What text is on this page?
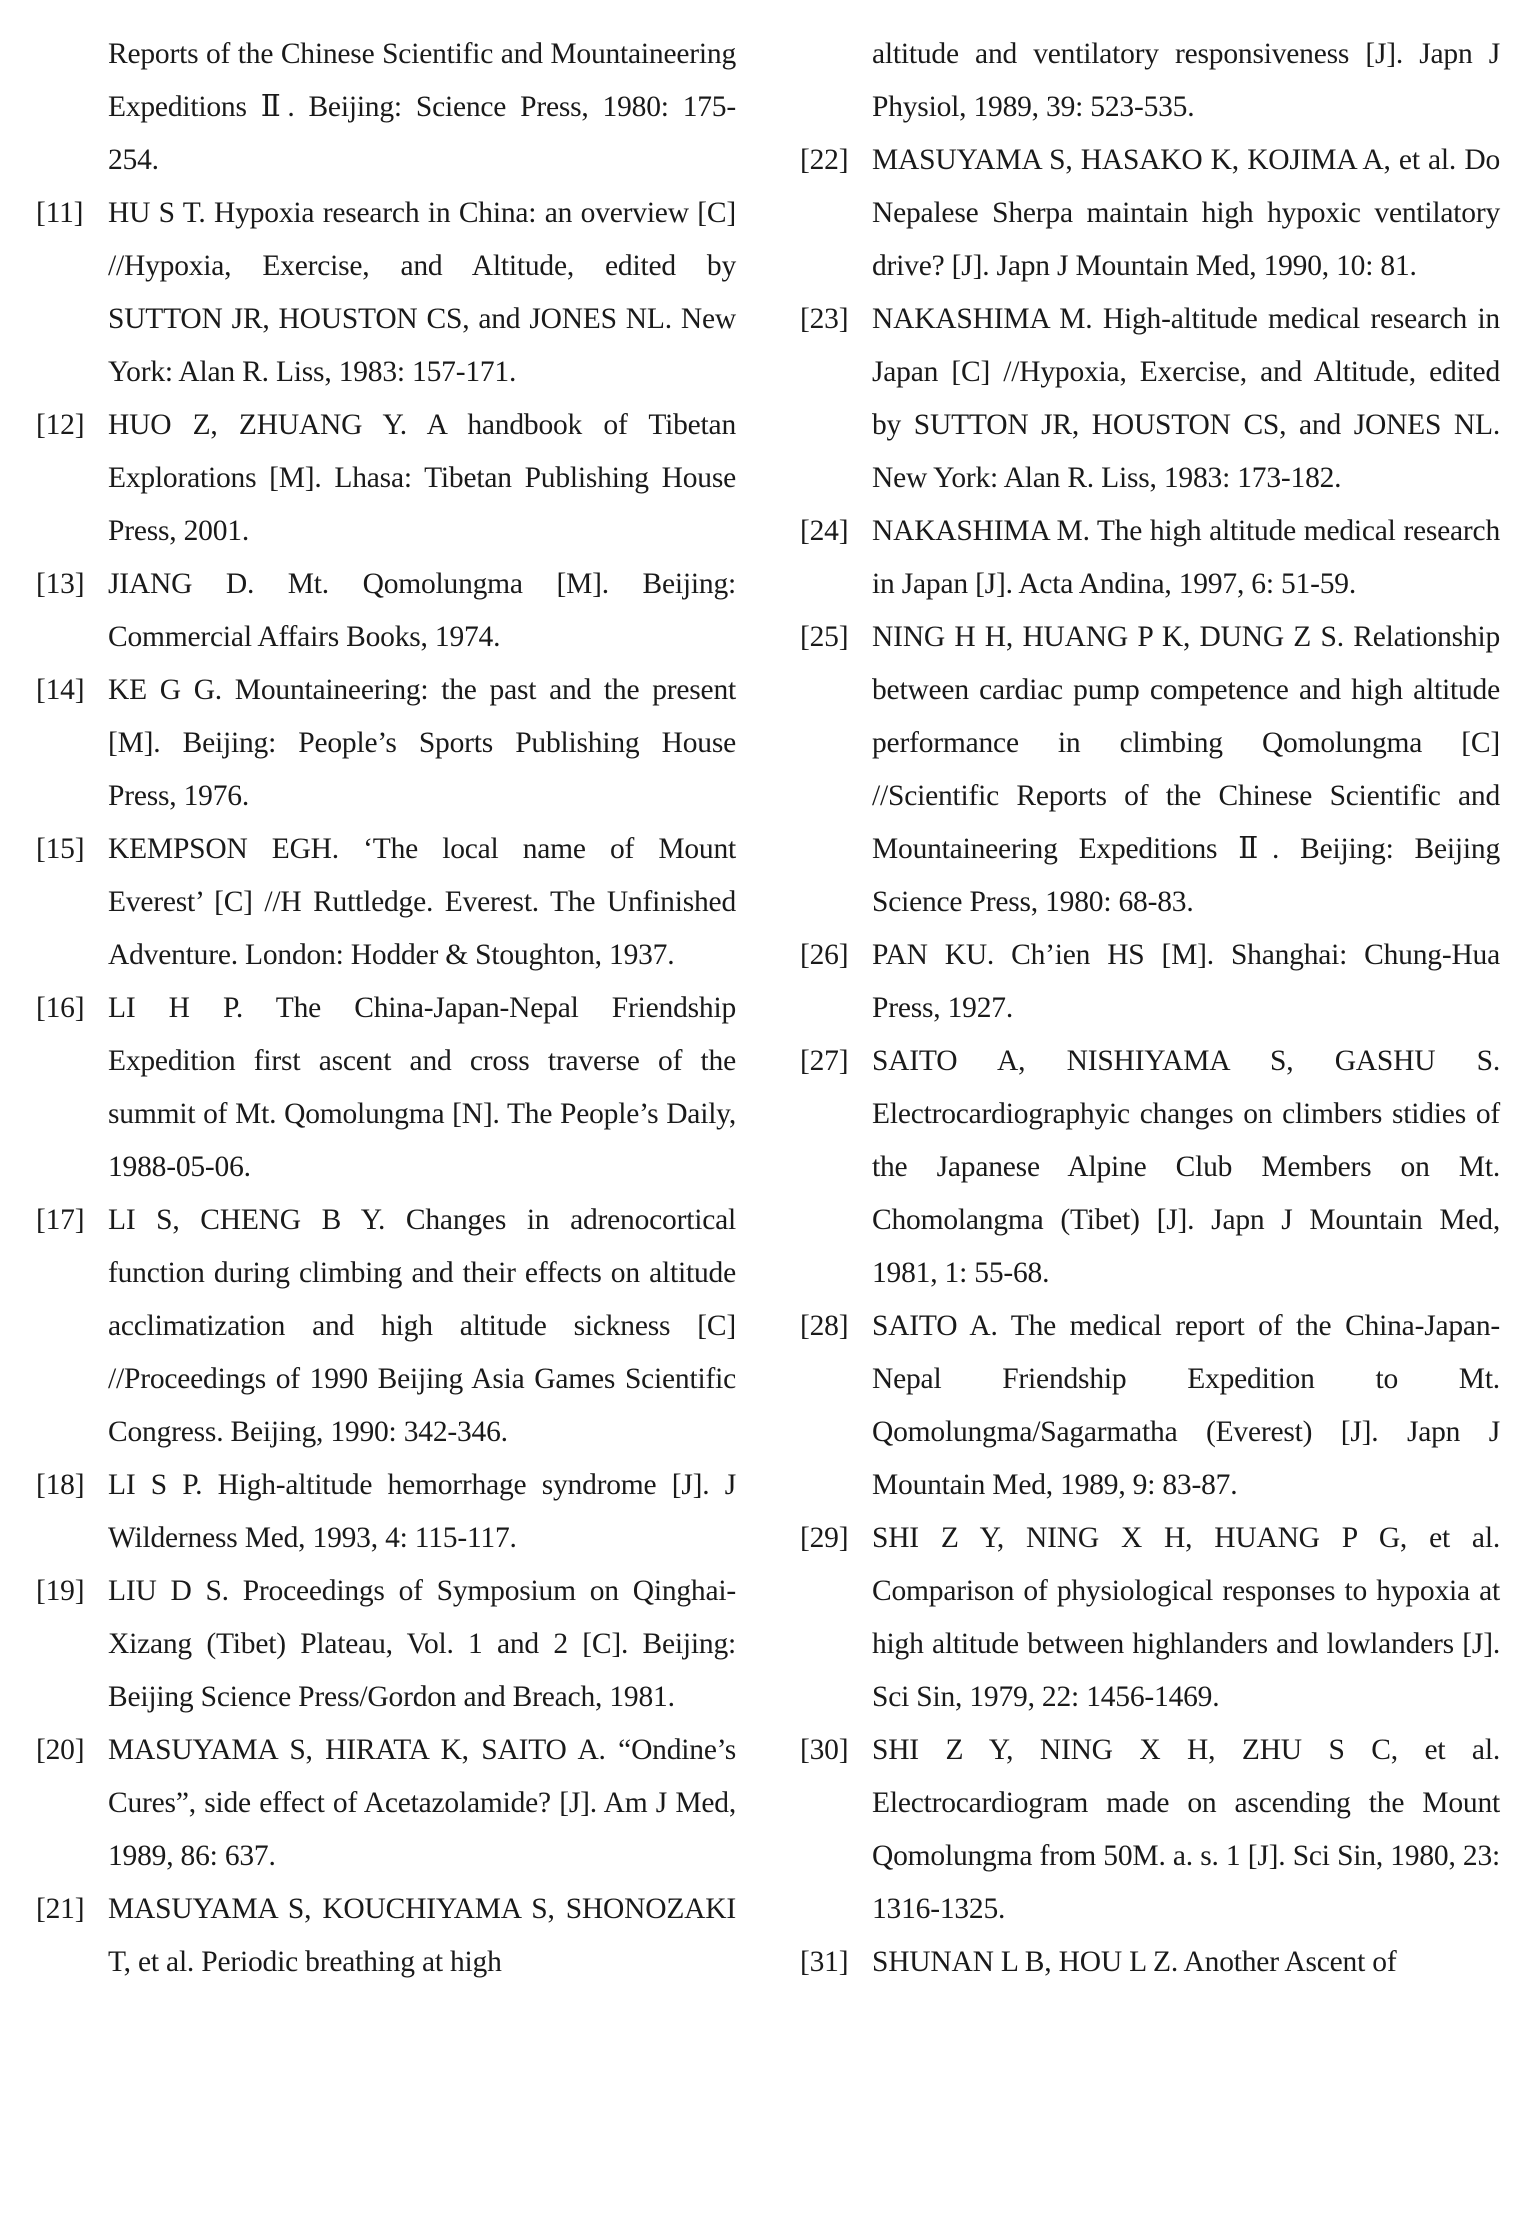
Reports of the Chinese Scientific and Mountaineering Expeditions Ⅱ. Beijing: Science Press, 1980: 175-254.
[11] HU S T. Hypoxia research in China: an overview [C] //Hypoxia, Exercise, and Altitude, edited by SUTTON JR, HOUSTON CS, and JONES NL. New York: Alan R. Liss, 1983: 157-171.
[12] HUO Z, ZHUANG Y. A handbook of Tibetan Explorations [M]. Lhasa: Tibetan Publishing House Press, 2001.
[13] JIANG D. Mt. Qomolungma [M]. Beijing: Commercial Affairs Books, 1974.
[14] KE G G. Mountaineering: the past and the present [M]. Beijing: People’s Sports Publishing House Press, 1976.
[15] KEMPSON EGH. ‘The local name of Mount Everest’ [C] //H Ruttledge. Everest. The Unfinished Adventure. London: Hodder & Stoughton, 1937.
[16] LI H P. The China-Japan-Nepal Friendship Expedition first ascent and cross traverse of the summit of Mt. Qomolungma [N]. The People’s Daily, 1988-05-06.
[17] LI S, CHENG B Y. Changes in adrenocortical function during climbing and their effects on altitude acclimatization and high altitude sickness [C] //Proceedings of 1990 Beijing Asia Games Scientific Congress. Beijing, 1990: 342-346.
[18] LI S P. High-altitude hemorrhage syndrome [J]. J Wilderness Med, 1993, 4: 115-117.
[19] LIU D S. Proceedings of Symposium on Qinghai-Xizang (Tibet) Plateau, Vol. 1 and 2 [C]. Beijing: Beijing Science Press/Gordon and Breach, 1981.
[20] MASUYAMA S, HIRATA K, SAITO A. “Ondine’s Cures”, side effect of Acetazolamide? [J]. Am J Med, 1989, 86: 637.
[21] MASUYAMA S, KOUCHIYAMA S, SHONOZAKI T, et al. Periodic breathing at high
altitude and ventilatory responsiveness [J]. Japn J Physiol, 1989, 39: 523-535.
[22] MASUYAMA S, HASAKO K, KOJIMA A, et al. Do Nepalese Sherpa maintain high hypoxic ventilatory drive? [J]. Japn J Mountain Med, 1990, 10: 81.
[23] NAKASHIMA M. High-altitude medical research in Japan [C] //Hypoxia, Exercise, and Altitude, edited by SUTTON JR, HOUSTON CS, and JONES NL. New York: Alan R. Liss, 1983: 173-182.
[24] NAKASHIMA M. The high altitude medical research in Japan [J]. Acta Andina, 1997, 6: 51-59.
[25] NING H H, HUANG P K, DUNG Z S. Relationship between cardiac pump competence and high altitude performance in climbing Qomolungma [C] //Scientific Reports of the Chinese Scientific and Mountaineering Expeditions Ⅱ. Beijing: Beijing Science Press, 1980: 68-83.
[26] PAN KU. Ch’ien HS [M]. Shanghai: Chung-Hua Press, 1927.
[27] SAITO A, NISHIYAMA S, GASHU S. Electrocardiographyic changes on climbers stidies of the Japanese Alpine Club Members on Mt. Chomolangma (Tibet) [J]. Japn J Mountain Med, 1981, 1: 55-68.
[28] SAITO A. The medical report of the China-Japan-Nepal Friendship Expedition to Mt. Qomolungma/Sagarmatha (Everest) [J]. Japn J Mountain Med, 1989, 9: 83-87.
[29] SHI Z Y, NING X H, HUANG P G, et al. Comparison of physiological responses to hypoxia at high altitude between highlanders and lowlanders [J]. Sci Sin, 1979, 22: 1456-1469.
[30] SHI Z Y, NING X H, ZHU S C, et al. Electrocardiogram made on ascending the Mount Qomolungma from 50M. a. s. 1 [J]. Sci Sin, 1980, 23: 1316-1325.
[31] SHUNAN L B, HOU L Z. Another Ascent of
